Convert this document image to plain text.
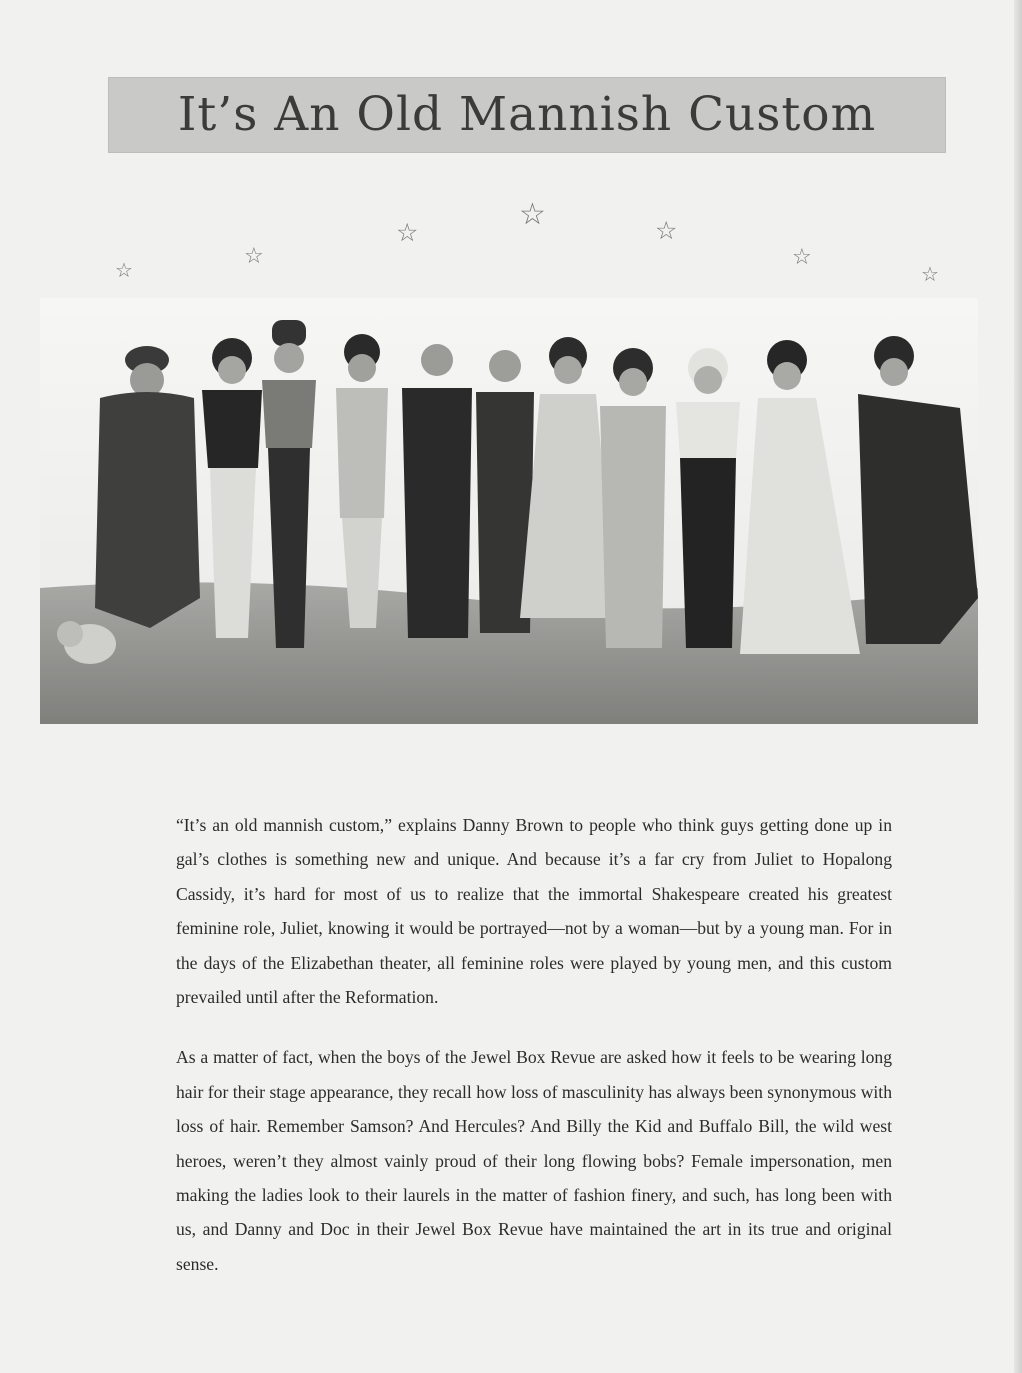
It’s An Old Mannish Custom
☆
☆
☆
☆	☆
☆
☆

“It’s an old mannish custom,” explains Danny Brown to people who think guys getting done up in gal’s clothes is something new and unique. And because it’s a far cry from Juliet to Hopalong Cassidy, it’s hard for most of us to realize that the immortal Shakespeare created his greatest feminine role, Juliet, knowing it would be portrayed—not by a woman—but by a young man. For in the days of the Elizabethan theater, all feminine roles were played by young men, and this custom prevailed until after the Reformation.

As a matter of fact, when the boys of the Jewel Box Revue are asked how it feels to be wearing long hair for their stage appearance, they recall how loss of masculinity has always been synonymous with loss of hair. Remember Samson? And Hercules? And Billy the Kid and Buffalo Bill, the wild west heroes, weren’t they almost vainly proud of their long flowing bobs? Female impersonation, men making the ladies look to their laurels in the matter of fashion finery, and such, has long been with us, and Danny and Doc in their Jewel Box Revue have maintained the art in its true and original sense.
